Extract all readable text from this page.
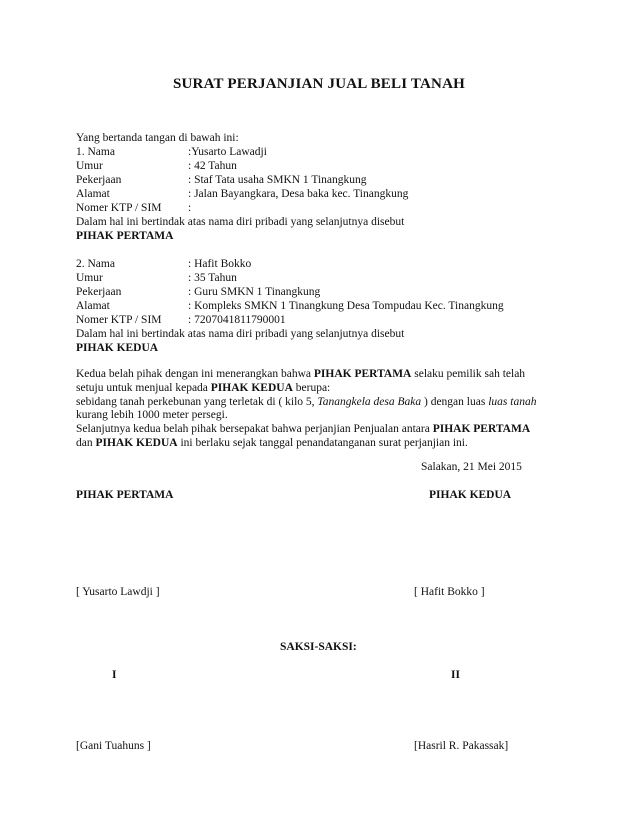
SURAT PERJANJIAN JUAL BELI TANAH
Yang bertanda tangan di bawah ini:
1. Nama	:Yusarto Lawadji
Umur	: 42 Tahun
Pekerjaan	: Staf Tata usaha SMKN 1 Tinangkung
Alamat	: Jalan Bayangkara, Desa baka kec. Tinangkung
Nomer KTP / SIM :
Dalam hal ini bertindak atas nama diri pribadi yang selanjutnya disebut
PIHAK PERTAMA
2. Nama	: Hafit Bokko
Umur	: 35 Tahun
Pekerjaan	: Guru SMKN 1 Tinangkung
Alamat	: Kompleks SMKN 1 Tinangkung Desa Tompudau Kec. Tinangkung
Nomer KTP / SIM : 7207041811790001
Dalam hal ini bertindak atas nama diri pribadi yang selanjutnya disebut
PIHAK KEDUA
Kedua belah pihak dengan ini menerangkan bahwa PIHAK PERTAMA selaku pemilik sah telah
setuju untuk menjual kepada PIHAK KEDUA berupa:
sebidang tanah perkebunan yang terletak di ( kilo 5, Tanangkela desa Baka ) dengan luas luas tanah
kurang lebih 1000 meter persegi.
Selanjutnya kedua belah pihak bersepakat bahwa perjanjian Penjualan antara PIHAK PERTAMA
dan PIHAK KEDUA ini berlaku sejak tanggal penandatanganan surat perjanjian ini.
Salakan, 21 Mei 2015
PIHAK PERTAMA	PIHAK KEDUA
[ Yusarto Lawdji ]	[ Hafit Bokko ]
SAKSI-SAKSI:
I	II
[Gani Tuahuns ]	[Hasril R. Pakassak]
